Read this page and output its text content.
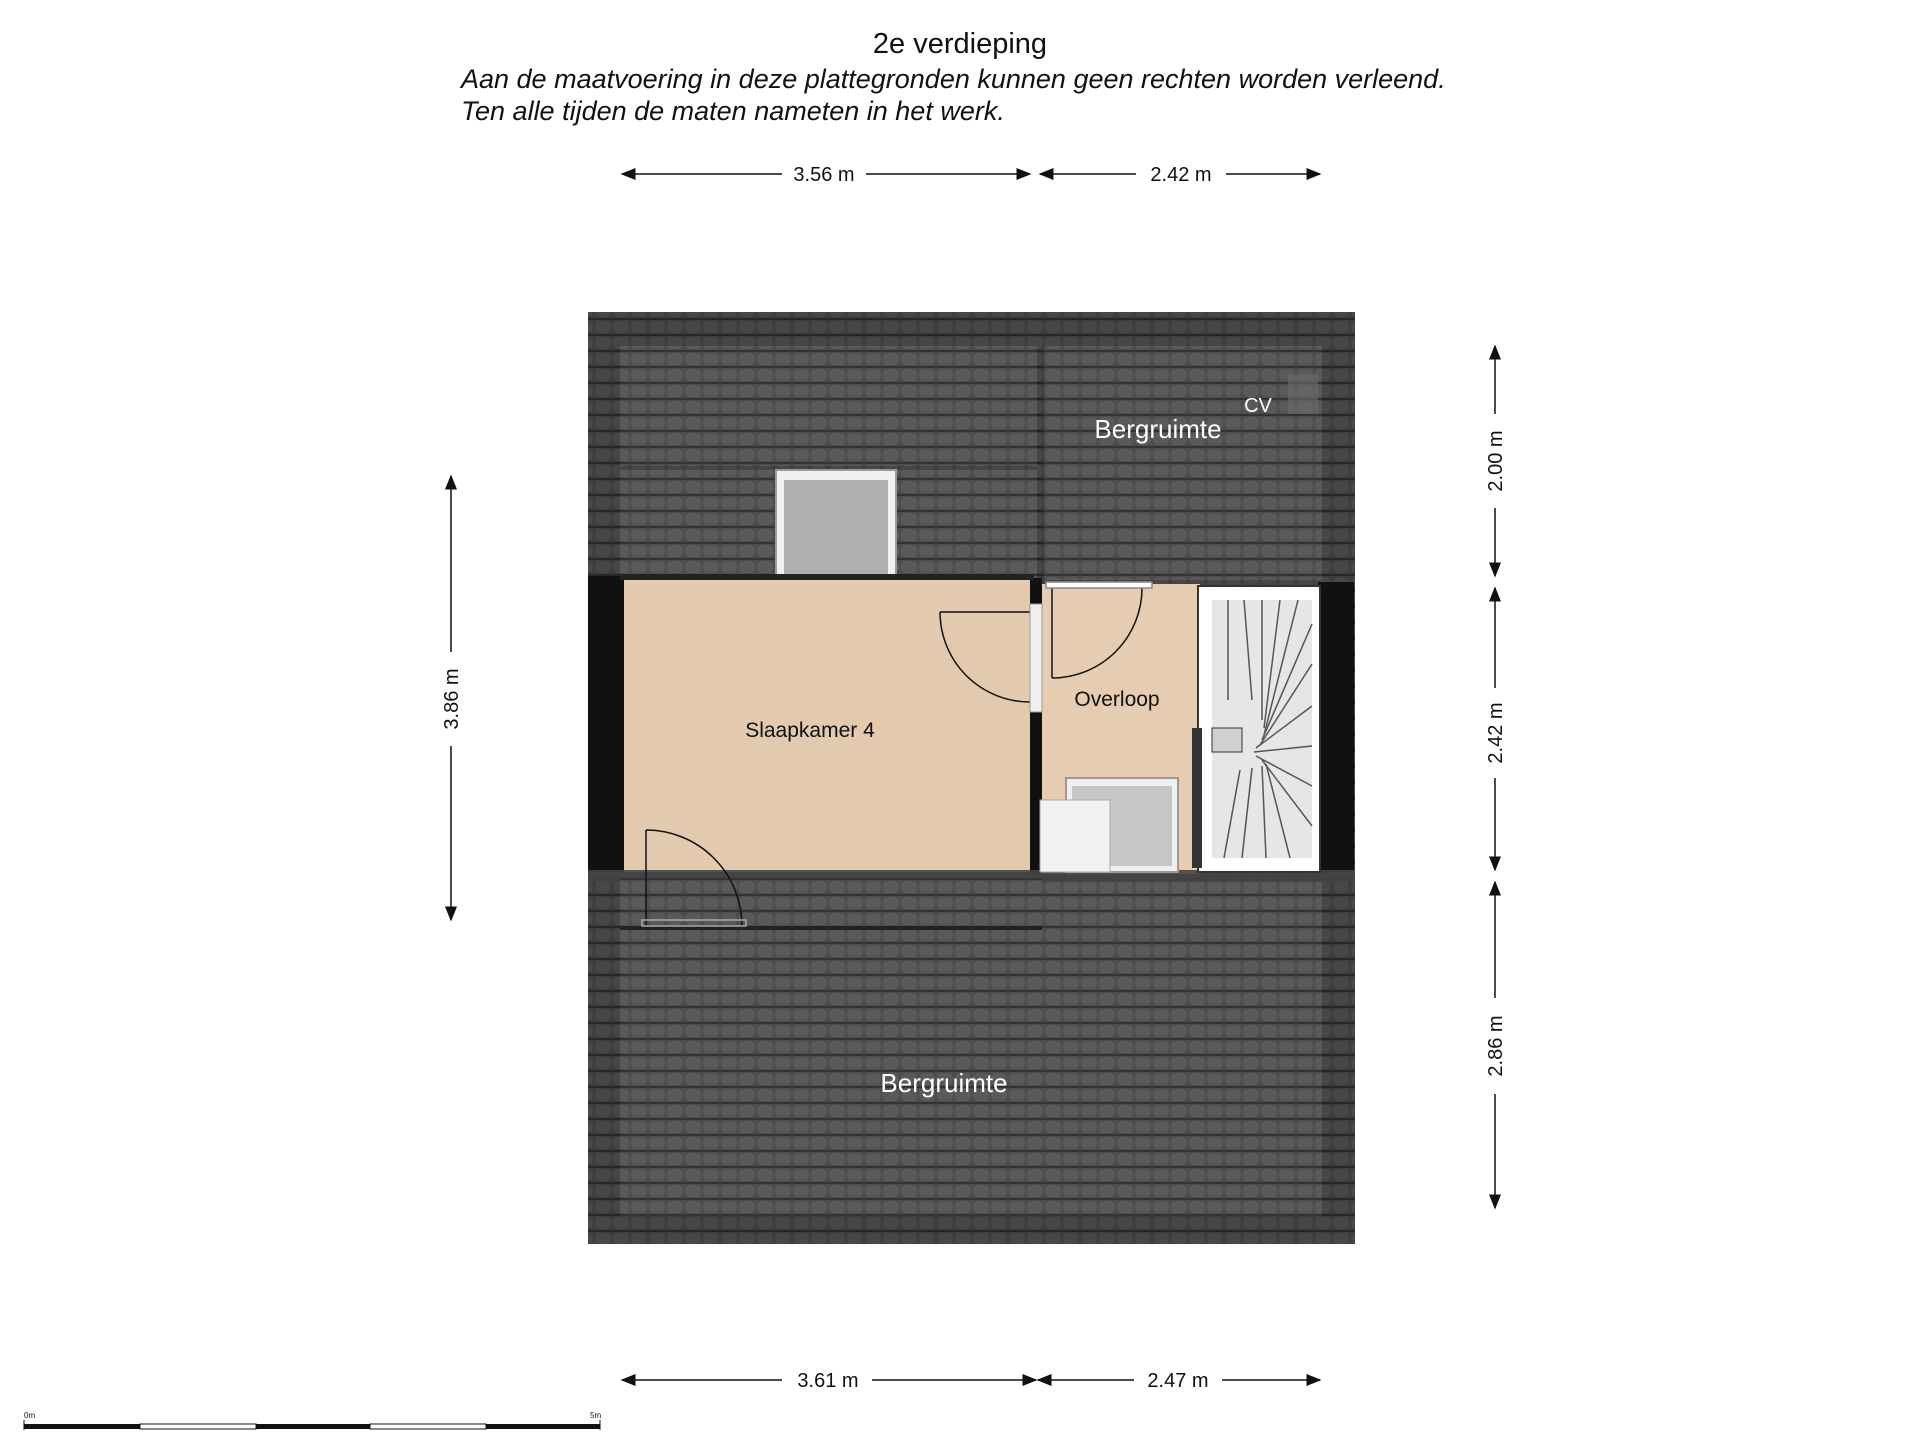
2e verdieping
Aan de maatvoering in deze plattegronden kunnen geen rechten worden verleend.
Ten alle tijden de maten nameten in het werk.
Slaapkamer 4
Overloop
Bergruimte
Bergruimte
CV
3.56 m	2.42 m
3.61 m	2.47 m
3.86 m
2.00 m
2.42 m
2.86 m
0m	5m
